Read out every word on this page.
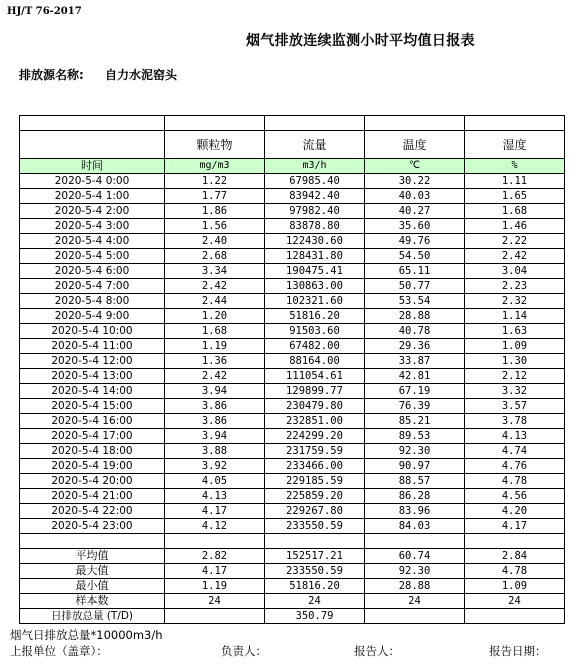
HJ/T 76-2017
烟气排放连续监测小时平均值日报表
排放源名称: 自力水泥窑头

	颗粒物	流量	温度	湿度
时间	mg/m3	m3/h	℃	%
2020-5-4 0:00	1.22	67985.40	30.22	1.11
2020-5-4 1:00	1.77	83942.40	40.03	1.65
2020-5-4 2:00	1.86	97982.40	40.27	1.68
2020-5-4 3:00	1.56	83878.80	35.60	1.46
2020-5-4 4:00	2.40	122430.60	49.76	2.22
2020-5-4 5:00	2.68	128431.80	54.50	2.42
2020-5-4 6:00	3.34	190475.41	65.11	3.04
2020-5-4 7:00	2.42	130863.00	50.77	2.23
2020-5-4 8:00	2.44	102321.60	53.54	2.32
2020-5-4 9:00	1.20	51816.20	28.88	1.14
2020-5-4 10:00	1.68	91503.60	40.78	1.63
2020-5-4 11:00	1.19	67482.00	29.36	1.09
2020-5-4 12:00	1.36	88164.00	33.87	1.30
2020-5-4 13:00	2.42	111054.61	42.81	2.12
2020-5-4 14:00	3.94	129899.77	67.19	3.32
2020-5-4 15:00	3.86	230479.80	76.39	3.57
2020-5-4 16:00	3.86	232851.00	85.21	3.78
2020-5-4 17:00	3.94	224299.20	89.53	4.13
2020-5-4 18:00	3.88	231759.59	92.30	4.74
2020-5-4 19:00	3.92	233466.00	90.97	4.76
2020-5-4 20:00	4.05	229185.59	88.57	4.78
2020-5-4 21:00	4.13	225859.20	86.28	4.56
2020-5-4 22:00	4.17	229267.80	83.96	4.20
2020-5-4 23:00	4.12	233550.59	84.03	4.17

平均值	2.82	152517.21	60.74	2.84
最大值	4.17	233550.59	92.30	4.78
最小值	1.19	51816.20	28.88	1.09
样本数	24	24	24	24
日排放总量 (T/D)		350.79		
烟气日排放总量*10000m3/h
上报单位（盖章）：	负责人：	报告人：	报告日期：
